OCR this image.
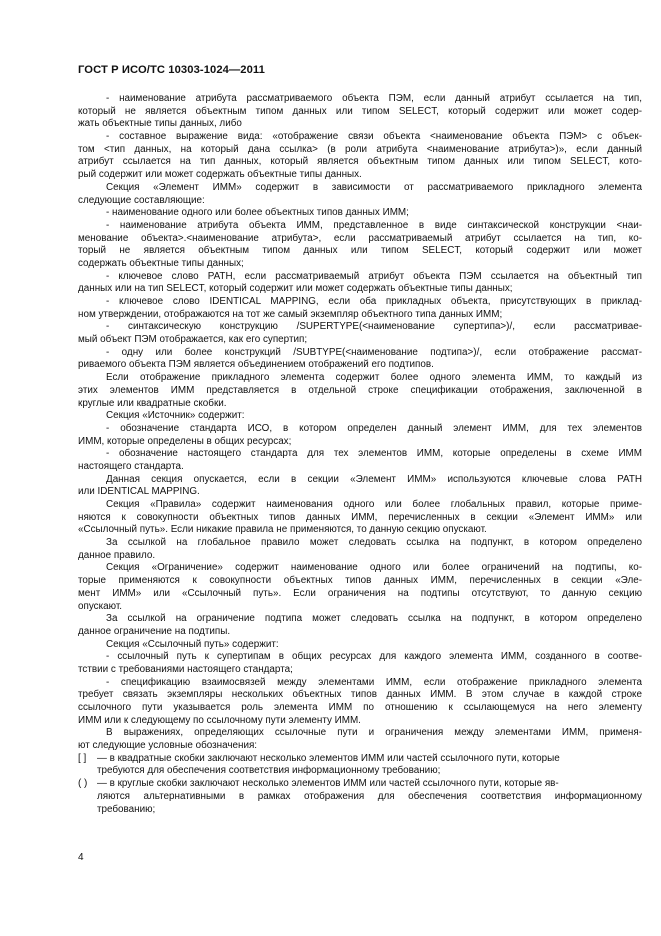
ГОСТ Р ИСО/ТС 10303-1024—2011
- наименование атрибута рассматриваемого объекта ПЭМ, если данный атрибут ссылается на тип,
который не является объектным типом данных или типом SELECT, который содержит или может содер-
жать объектные типы данных, либо
- составное выражение вида: «отображение связи объекта <наименование объекта ПЭМ> с объек-
том <тип данных, на который дана ссылка> (в роли атрибута <наименование атрибута>)», если данный
атрибут ссылается на тип данных, который является объектным типом данных или типом SELECT, кото-
рый содержит или может содержать объектные типы данных.
Секция «Элемент ИММ» содержит в зависимости от рассматриваемого прикладного элемента
следующие составляющие:
- наименование одного или более объектных типов данных ИММ;
- наименование атрибута объекта ИММ, представленное в виде синтаксической конструкции <наи-
менование объекта>.<наименование атрибута>, если рассматриваемый атрибут ссылается на тип, ко-
торый не является объектным типом данных или типом SELECT, который содержит или может
содержать объектные типы данных;
- ключевое слово PATH, если рассматриваемый атрибут объекта ПЭМ ссылается на объектный тип
данных или на тип SELECT, который содержит или может содержать объектные типы данных;
- ключевое слово IDENTICAL MAPPING, если оба прикладных объекта, присутствующих в приклад-
ном утверждении, отображаются на тот же самый экземпляр объектного типа данных ИММ;
- синтаксическую конструкцию /SUPERTYPE(<наименование супертипа>)/, если рассматривае-
мый объект ПЭМ отображается, как его супертип;
- одну или более конструкций /SUBTYPE(<наименование подтипа>)/, если отображение рассмат-
риваемого объекта ПЭМ является объединением отображений его подтипов.
Если отображение прикладного элемента содержит более одного элемента ИММ, то каждый из
этих элементов ИММ представляется в отдельной строке спецификации отображения, заключенной в
круглые или квадратные скобки.
Секция «Источник» содержит:
- обозначение стандарта ИСО, в котором определен данный элемент ИММ, для тех элементов
ИММ, которые определены в общих ресурсах;
- обозначение настоящего стандарта для тех элементов ИММ, которые определены в схеме ИММ
настоящего стандарта.
Данная секция опускается, если в секции «Элемент ИММ» используются ключевые слова PATH
или IDENTICAL MAPPING.
Секция «Правила» содержит наименования одного или более глобальных правил, которые приме-
няются к совокупности объектных типов данных ИММ, перечисленных в секции «Элемент ИММ» или
«Ссылочный путь». Если никакие правила не применяются, то данную секцию опускают.
За ссылкой на глобальное правило может следовать ссылка на подпункт, в котором определено
данное правило.
Секция «Ограничение» содержит наименование одного или более ограничений на подтипы, ко-
торые применяются к совокупности объектных типов данных ИММ, перечисленных в секции «Эле-
мент ИММ» или «Ссылочный путь». Если ограничения на подтипы отсутствуют, то данную секцию
опускают.
За ссылкой на ограничение подтипа может следовать ссылка на подпункт, в котором определено
данное ограничение на подтипы.
Секция «Ссылочный путь» содержит:
- ссылочный путь к супертипам в общих ресурсах для каждого элемента ИММ, созданного в соотве-
тствии с требованиями настоящего стандарта;
- спецификацию взаимосвязей между элементами ИММ, если отображение прикладного элемента
требует связать экземпляры нескольких объектных типов данных ИММ. В этом случае в каждой строке
ссылочного пути указывается роль элемента ИММ по отношению к ссылающемуся на него элементу
ИММ или к следующему по ссылочному пути элементу ИММ.
В выражениях, определяющих ссылочные пути и ограничения между элементами ИММ, применя-
ют следующие условные обозначения:
[ ] — в квадратные скобки заключают несколько элементов ИММ или частей ссылочного пути, которые
требуются для обеспечения соответствия информационному требованию;
( ) — в круглые скобки заключают несколько элементов ИММ или частей ссылочного пути, которые яв-
ляются альтернативными в рамках отображения для обеспечения соответствия информационному
требованию;
4
